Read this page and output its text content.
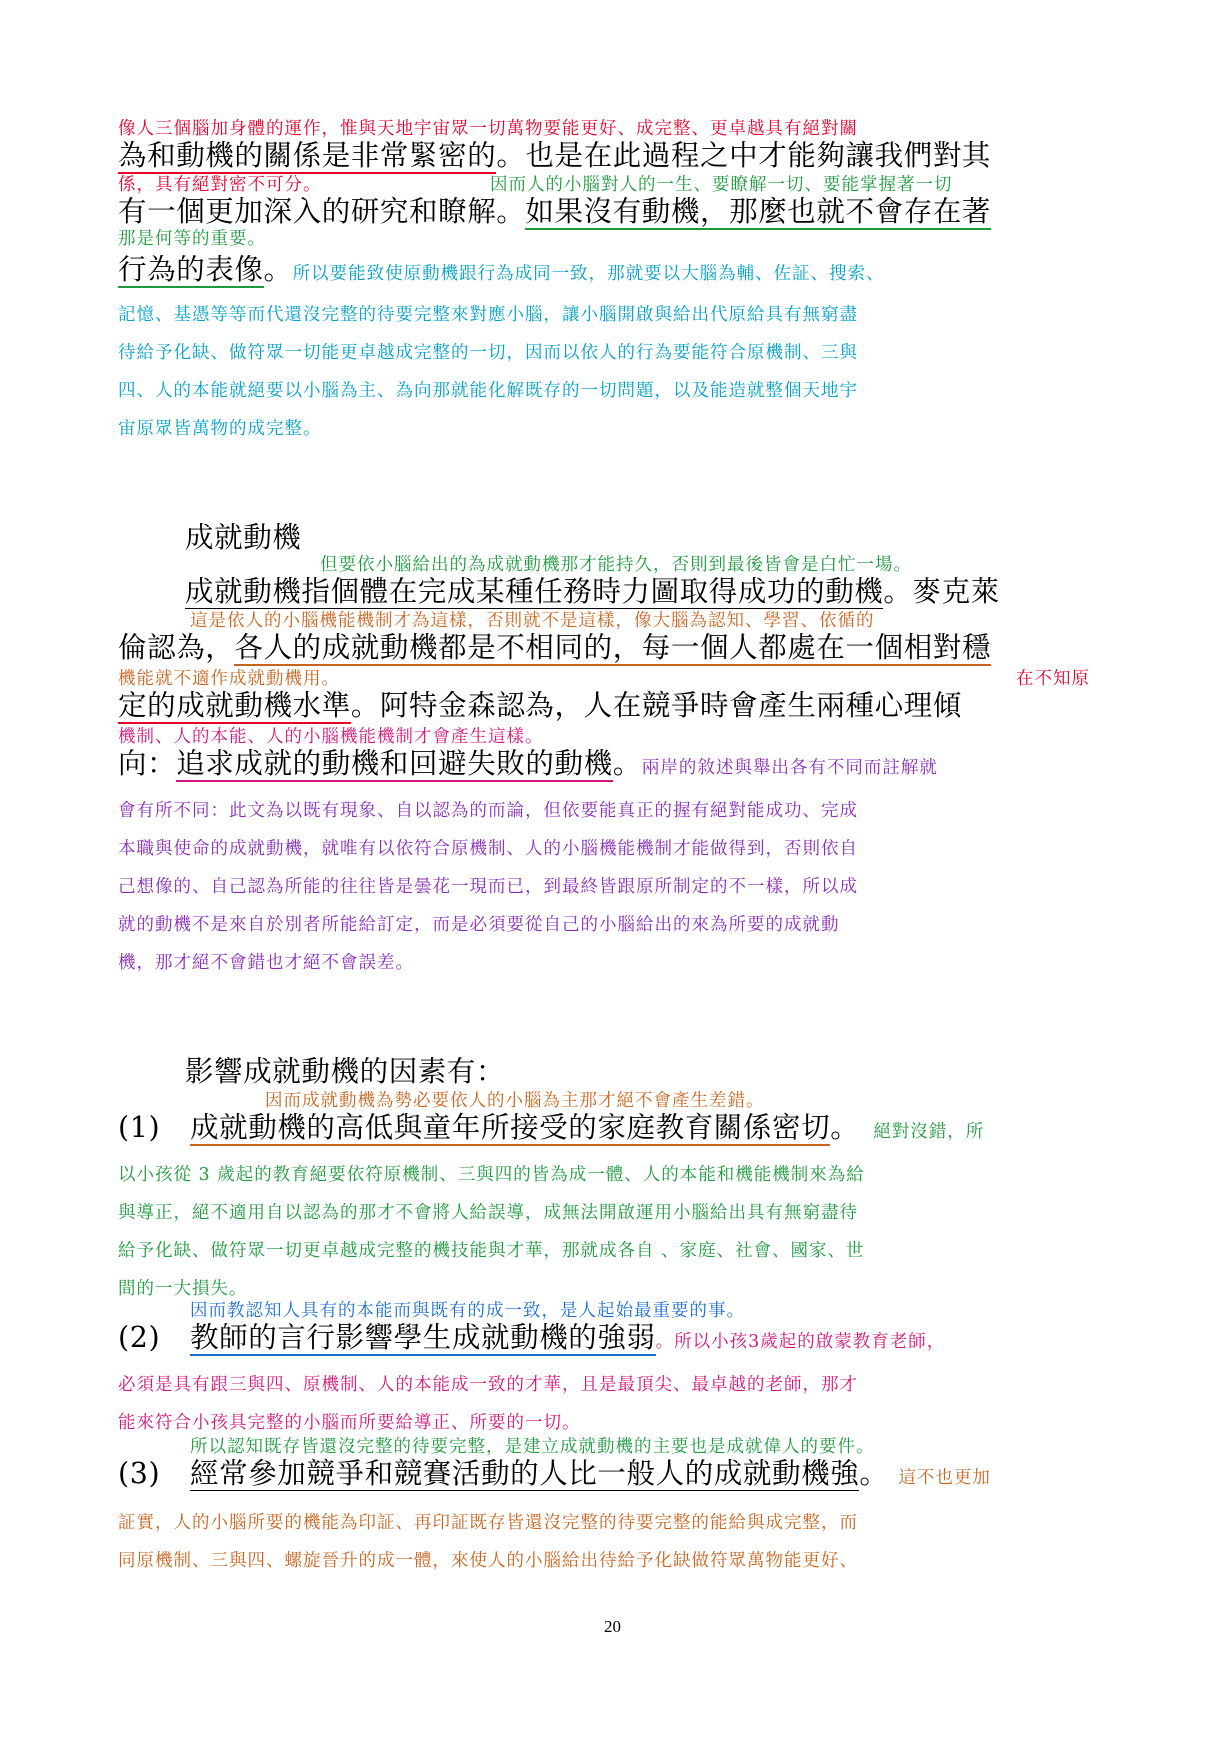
像人三個腦加身體的運作，惟與天地宇宙眾一切萬物要能更好、成完整、更卓越具有絕對關
為和動機的關係是非常緊密的。也是在此過程之中才能夠讓我們對其
係，具有絕對密不可分。	因而人的小腦對人的一生、要瞭解一切、要能掌握著一切
有一個更加深入的研究和瞭解。如果沒有動機，那麼也就不會存在著
那是何等的重要。
行為的表像。所以要能致使原動機跟行為成同一致，那就要以大腦為輔、佐証、搜索、
記憶、基憑等等而代還沒完整的待要完整來對應小腦，讓小腦開啟與給出代原給具有無窮盡
待給予化缺、做符眾一切能更卓越成完整的一切，因而以依人的行為要能符合原機制、三與
四、人的本能就絕要以小腦為主、為向那就能化解既存的一切問題，以及能造就整個天地宇
宙原眾皆萬物的成完整。
成就動機
但要依小腦給出的為成就動機那才能持久，否則到最後皆會是白忙一場。
成就動機指個體在完成某種任務時力圖取得成功的動機。麥克萊
這是依人的小腦機能機制才為這樣，否則就不是這樣，像大腦為認知、學習、依循的
倫認為，各人的成就動機都是不相同的，每一個人都處在一個相對穩
機能就不適作成就動機用。	在不知原
定的成就動機水準。阿特金森認為，人在競爭時會產生兩種心理傾
機制、人的本能、人的小腦機能機制才會產生這樣。
向：追求成就的動機和回避失敗的動機。兩岸的敘述與舉出各有不同而註解就
會有所不同：此文為以既有現象、自以認為的而論，但依要能真正的握有絕對能成功、完成
本職與使命的成就動機，就唯有以依符合原機制、人的小腦機能機制才能做得到，否則依自
己想像的、自己認為所能的往往皆是曇花一現而已，到最終皆跟原所制定的不一樣，所以成
就的動機不是來自於別者所能給訂定，而是必須要從自己的小腦給出的來為所要的成就動
機，那才絕不會錯也才絕不會誤差。
影響成就動機的因素有：
因而成就動機為勢必要依人的小腦為主那才絕不會產生差錯。
(1) 成就動機的高低與童年所接受的家庭教育關係密切。 絕對沒錯，所
以小孩從 3 歲起的教育絕要依符原機制、三與四的皆為成一體、人的本能和機能機制來為給
與導正，絕不適用自以認為的那才不會將人給誤導，成無法開啟運用小腦給出具有無窮盡待
給予化缺、做符眾一切更卓越成完整的機技能與才華，那就成各自 、家庭、社會、國家、世
間的一大損失。
因而教認知人具有的本能而與既有的成一致，是人起始最重要的事。
(2) 教師的言行影響學生成就動機的強弱。所以小孩3歲起的啟蒙教育老師，
必須是具有跟三與四、原機制、人的本能成一致的才華，且是最頂尖、最卓越的老師，那才
能來符合小孩具完整的小腦而所要給導正、所要的一切。
所以認知既存皆還沒完整的待要完整，是建立成就動機的主要也是成就偉人的要件。
(3) 經常參加競爭和競賽活動的人比一般人的成就動機強。 這不也更加
証實，人的小腦所要的機能為印証、再印証既存皆還沒完整的待要完整的能給與成完整，而
同原機制、三與四、螺旋晉升的成一體，來使人的小腦給出待給予化缺做符眾萬物能更好、
20
